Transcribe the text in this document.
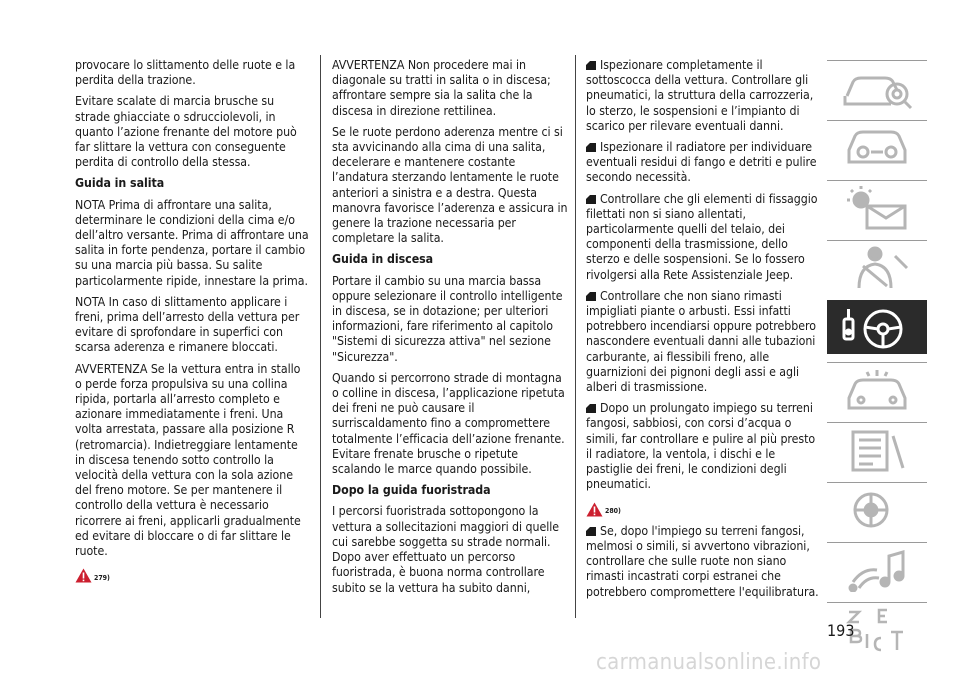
provocare lo slittamento delle ruote e la perdita della trazione.

Evitare scalate di marcia brusche su strade ghiacciate o sdrucciolevoli, in quanto l’azione frenante del motore può far slittare la vettura con conseguente perdita di controllo della stessa.

Guida in salita

NOTA Prima di affrontare una salita, determinare le condizioni della cima e/o dell’altro versante. Prima di affrontare una salita in forte pendenza, portare il cambio su una marcia più bassa. Su salite particolarmente ripide, innestare la prima.

NOTA In caso di slittamento applicare i freni, prima dell’arresto della vettura per evitare di sprofondare in superfici con scarsa aderenza e rimanere bloccati.

AVVERTENZA Se la vettura entra in stallo o perde forza propulsiva su una collina ripida, portarla all’arresto completo e azionare immediatamente i freni. Una volta arrestata, passare alla posizione R (retromarcia). Indietreggiare lentamente in discesa tenendo sotto controllo la velocità della vettura con la sola azione del freno motore. Se per mantenere il controllo della vettura è necessario ricorrere ai freni, applicarli gradualmente ed evitare di bloccare o di far slittare le ruote.

279)

AVVERTENZA Non procedere mai in diagonale su tratti in salita o in discesa; affrontare sempre sia la salita che la discesa in direzione rettilinea.

Se le ruote perdono aderenza mentre ci si sta avvicinando alla cima di una salita, decelerare e mantenere costante l’andatura sterzando lentamente le ruote anteriori a sinistra e a destra. Questa manovra favorisce l’aderenza e assicura in genere la trazione necessaria per completare la salita.

Guida in discesa

Portare il cambio su una marcia bassa oppure selezionare il controllo intelligente in discesa, se in dotazione; per ulteriori informazioni, fare riferimento al capitolo "Sistemi di sicurezza attiva" nel sezione "Sicurezza".

Quando si percorrono strade di montagna o colline in discesa, l’applicazione ripetuta dei freni ne può causare il surriscaldamento fino a compromettere totalmente l’efficacia dell’azione frenante. Evitare frenate brusche o ripetute scalando le marce quando possibile.

Dopo la guida fuoristrada

I percorsi fuoristrada sottopongono la vettura a sollecitazioni maggiori di quelle cui sarebbe soggetta su strade normali. Dopo aver effettuato un percorso fuoristrada, è buona norma controllare subito se la vettura ha subito danni,

Ispezionare completamente il sottoscocca della vettura. Controllare gli pneumatici, la struttura della carrozzeria, lo sterzo, le sospensioni e l’impianto di scarico per rilevare eventuali danni.

Ispezionare il radiatore per individuare eventuali residui di fango e detriti e pulire secondo necessità.

Controllare che gli elementi di fissaggio filettati non si siano allentati, particolarmente quelli del telaio, dei componenti della trasmissione, dello sterzo e delle sospensioni. Se lo fossero rivolgersi alla Rete Assistenziale Jeep.

Controllare che non siano rimasti impigliati piante o arbusti. Essi infatti potrebbero incendiarsi oppure potrebbero nascondere eventuali danni alle tubazioni carburante, ai flessibili freno, alle guarnizioni dei pignoni degli assi e agli alberi di trasmissione.

Dopo un prolungato impiego su terreni fangosi, sabbiosi, con corsi d’acqua o simili, far controllare e pulire al più presto il radiatore, la ventola, i dischi e le pastiglie dei freni, le condizioni degli pneumatici.

280)

Se, dopo l'impiego su terreni fangosi, melmosi o simili, si avvertono vibrazioni, controllare che sulle ruote non siano rimasti incastrati corpi estranei che potrebbero compromettere l'equilibratura.

193
carmanualsonline.info
